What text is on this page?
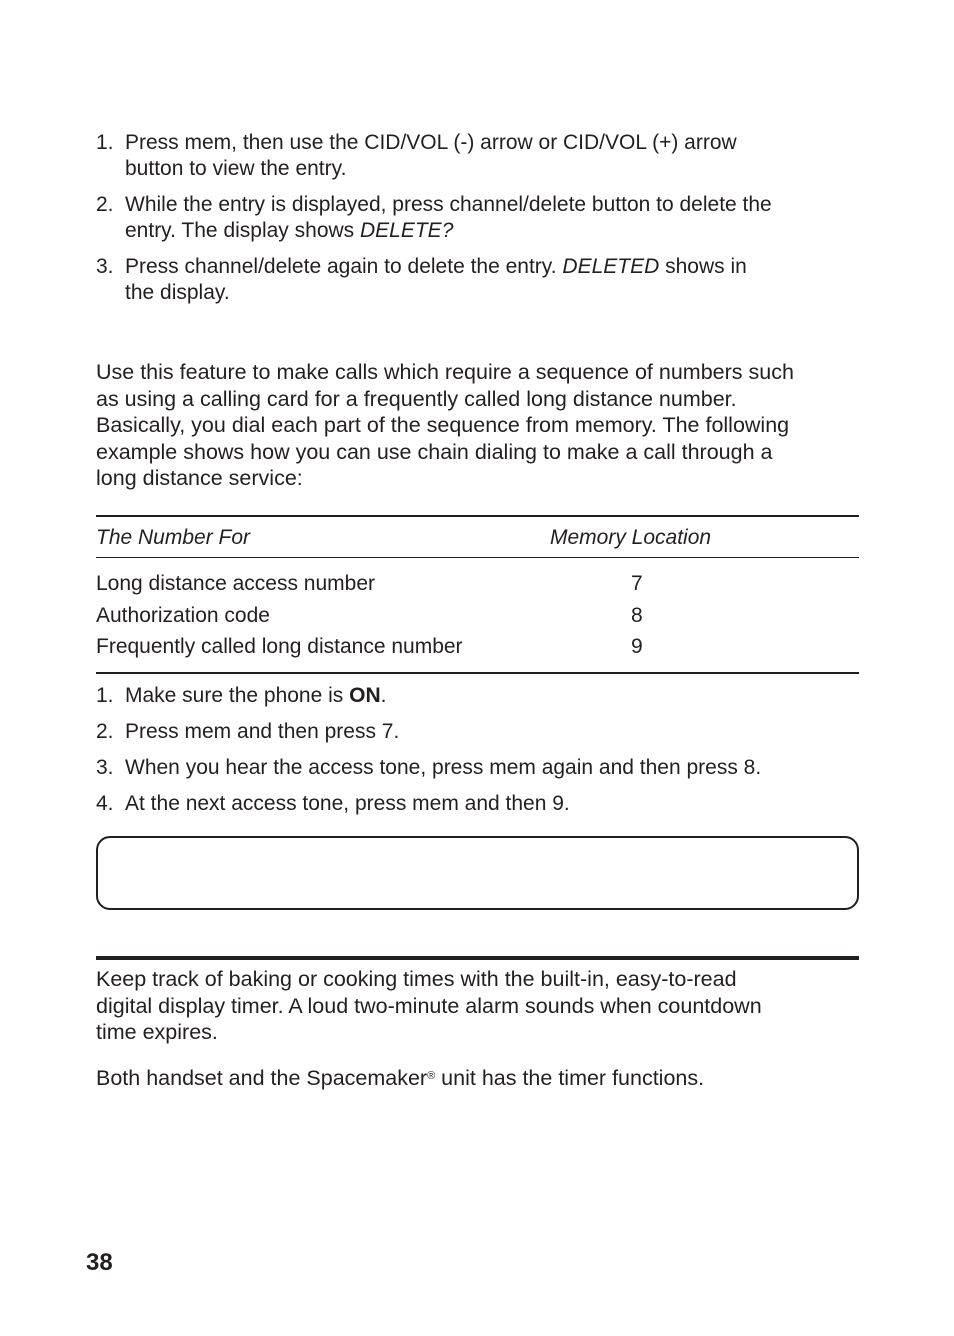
1. Press mem, then use the CID/VOL (-) arrow or CID/VOL (+) arrow
button to view the entry.
2. While the entry is displayed, press channel/delete button to delete the
entry. The display shows DELETE?
3. Press channel/delete again to delete the entry. DELETED shows in
the display.

Use this feature to make calls which require a sequence of numbers such

as using a calling card for a frequently called long distance number.

Basically, you dial each part of the sequence from memory. The following

example shows how you can use chain dialing to make a call through a

long distance service:

The Number For	Memory Location
Long distance access number	7
Authorization code	8
Frequently called long distance number	9
1. Make sure the phone is ON.
2. Press mem and then press 7.
3. When you hear the access tone, press mem again and then press 8.
4. At the next access tone, press mem and then 9.

Keep track of baking or cooking times with the built-in, easy-to-read

digital display timer. A loud two-minute alarm sounds when countdown

time expires.

Both handset and the Spacemaker® unit has the timer functions.

38
